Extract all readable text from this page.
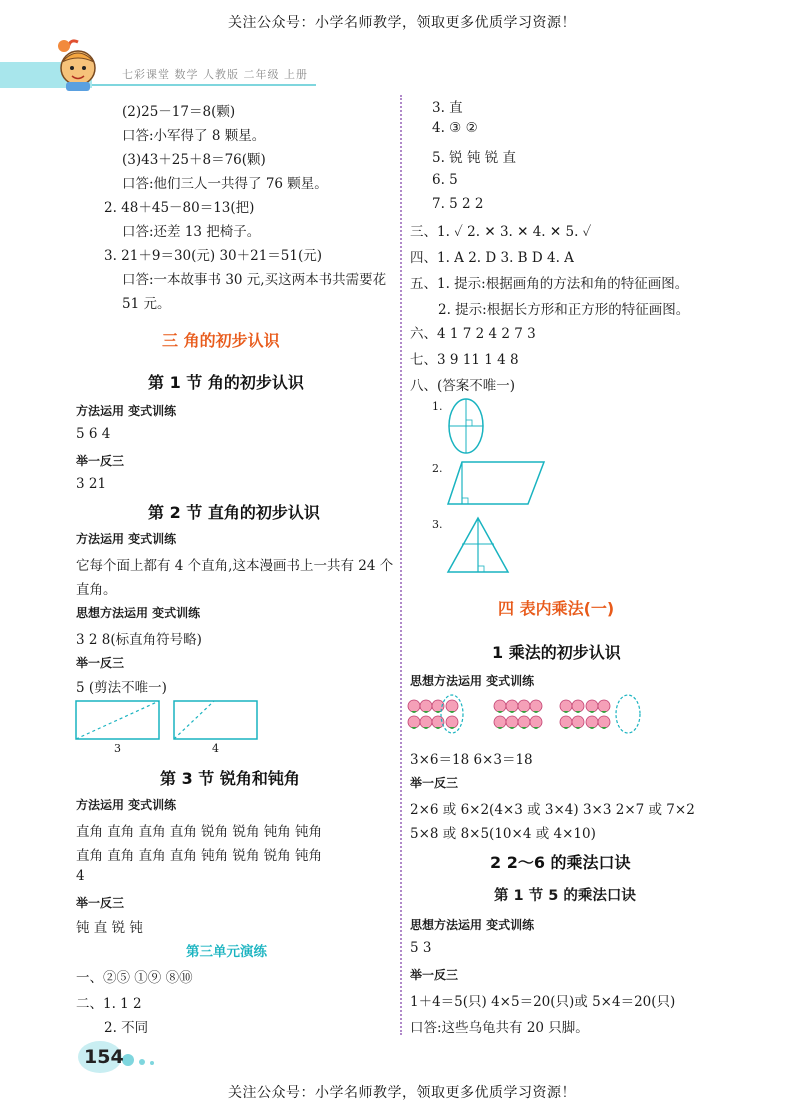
关注公众号：小学名师教学，领取更多优质学习资源！
七彩课堂 数学 人教版 二年级 上册
(2)25－17＝8(颗)
口答:小军得了 8 颗星。
(3)43＋25＋8＝76(颗)
口答:他们三人一共得了 76 颗星。
2. 48＋45－80＝13(把)
口答:还差 13 把椅子。
3. 21＋9＝30(元) 30＋21＝51(元)
口答:一本故事书 30 元,买这两本书共需要花
51 元。
三 角的初步认识
第 1 节 角的初步认识
方法运用 变式训练
5 6 4
举一反三
3 21
第 2 节 直角的初步认识
方法运用 变式训练
它每个面上都有 4 个直角,这本漫画书上一共有 24 个
直角。
思想方法运用 变式训练
3 2 8(标直角符号略)
举一反三
5 (剪法不唯一)
3	4
第 3 节 锐角和钝角
方法运用 变式训练
直角 直角 直角 直角 锐角 锐角 钝角 钝角
直角 直角 直角 直角 钝角 锐角 锐角 钝角
4
举一反三
钝 直 锐 钝
第三单元演练
一、②⑤ ①⑨ ⑧⑩
二、1. 1 2
2. 不同
3. 直
4. ③ ②
5. 锐 钝 锐 直
6. 5
7. 5 2 2
三、1. ✓ 2. ✕ 3. ✕ 4. ✕ 5. ✓
四、1. A 2. D 3. B D 4. A
五、1. 提示:根据画角的方法和角的特征画图。
2. 提示:根据长方形和正方形的特征画图。
六、4 1 7 2 4 2 7 3
七、3 9 11 1 4 8
八、(答案不唯一)
1.
2.
3.
四 表内乘法(一)
1 乘法的初步认识
思想方法运用 变式训练
3×6＝18 6×3＝18
举一反三
2×6 或 6×2(4×3 或 3×4) 3×3 2×7 或 7×2
5×8 或 8×5(10×4 或 4×10)
2 2～6 的乘法口诀
第 1 节 5 的乘法口诀
思想方法运用 变式训练
5 3
举一反三
1＋4＝5(只) 4×5＝20(只)或 5×4＝20(只)
口答:这些乌龟共有 20 只脚。
154
关注公众号：小学名师教学，领取更多优质学习资源！
